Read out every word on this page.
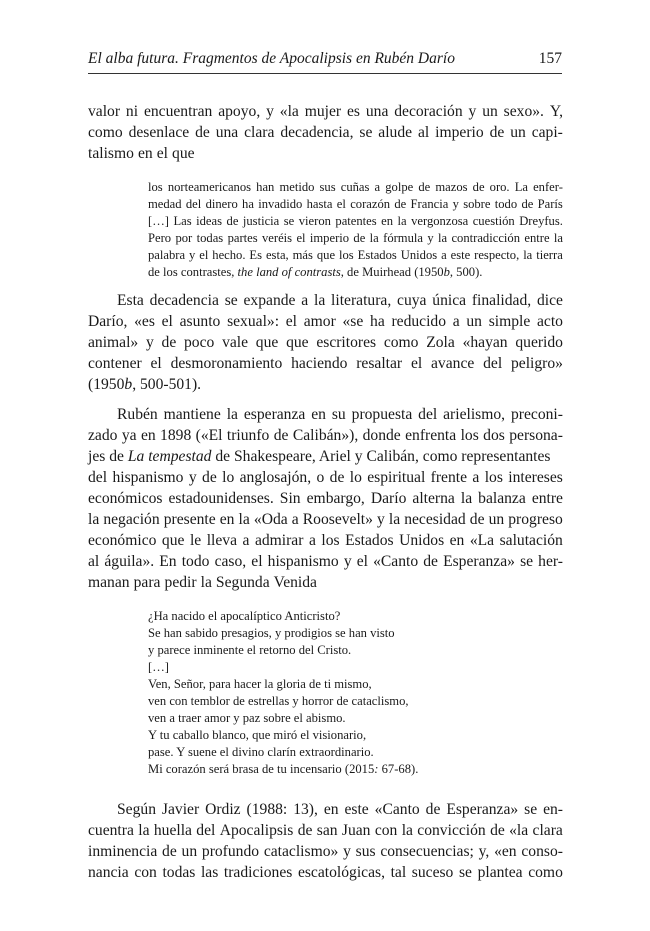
El alba futura. Fragmentos de Apocalipsis en Rubén Darío	157
valor ni encuentran apoyo, y «la mujer es una decoración y un sexo». Y,
como desenlace de una clara decadencia, se alude al imperio de un capi-
talismo en el que
los norteamericanos han metido sus cuñas a golpe de mazos de oro. La enfer-
medad del dinero ha invadido hasta el corazón de Francia y sobre todo de París
[…] Las ideas de justicia se vieron patentes en la vergonzosa cuestión Dreyfus.
Pero por todas partes veréis el imperio de la fórmula y la contradicción entre la
palabra y el hecho. Es esta, más que los Estados Unidos a este respecto, la tierra
de los contrastes, the land of contrasts, de Muirhead (1950b, 500).
Esta decadencia se expande a la literatura, cuya única finalidad, dice
Darío, «es el asunto sexual»: el amor «se ha reducido a un simple acto
animal» y de poco vale que que escritores como Zola «hayan querido
contener el desmoronamiento haciendo resaltar el avance del peligro»
(1950b, 500-501).
Rubén mantiene la esperanza en su propuesta del arielismo, preconi-
zado ya en 1898 («El triunfo de Calibán»), donde enfrenta los dos persona-
jes de La tempestad de Shakespeare, Ariel y Calibán, como representantes
del hispanismo y de lo anglosajón, o de lo espiritual frente a los intereses
económicos estadounidenses. Sin embargo, Darío alterna la balanza entre
la negación presente en la «Oda a Roosevelt» y la necesidad de un progreso
económico que le lleva a admirar a los Estados Unidos en «La salutación
al águila». En todo caso, el hispanismo y el «Canto de Esperanza» se her-
manan para pedir la Segunda Venida
¿Ha nacido el apocalíptico Anticristo?
Se han sabido presagios, y prodigios se han visto
y parece inminente el retorno del Cristo.
[…]
Ven, Señor, para hacer la gloria de ti mismo,
ven con temblor de estrellas y horror de cataclismo,
ven a traer amor y paz sobre el abismo.
Y tu caballo blanco, que miró el visionario,
pase. Y suene el divino clarín extraordinario.
Mi corazón será brasa de tu incensario (2015: 67-68).
Según Javier Ordiz (1988: 13), en este «Canto de Esperanza» se en-
cuentra la huella del Apocalipsis de san Juan con la convicción de «la clara
inminencia de un profundo cataclismo» y sus consecuencias; y, «en conso-
nancia con todas las tradiciones escatológicas, tal suceso se plantea como
